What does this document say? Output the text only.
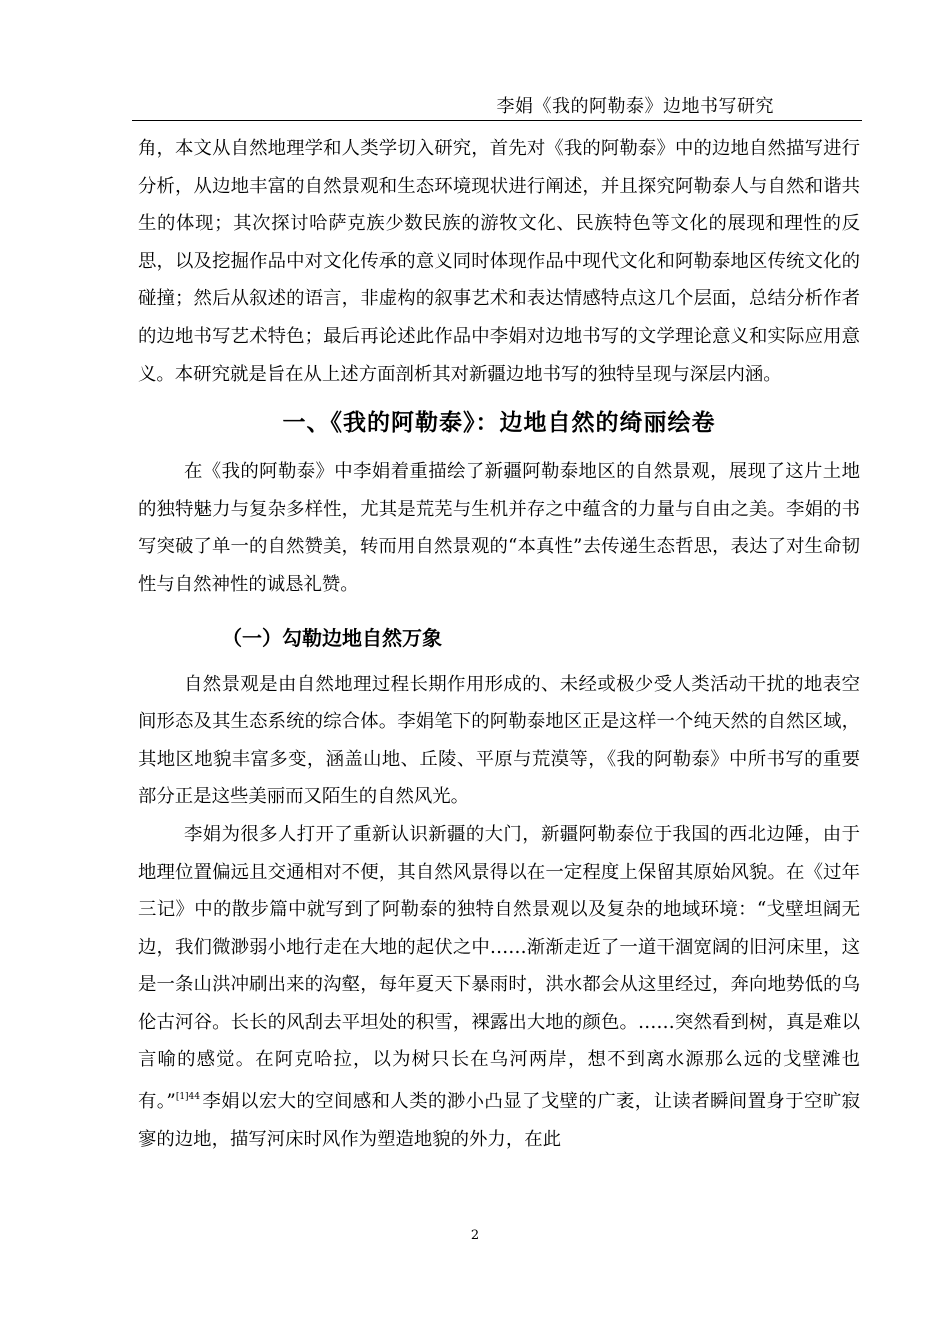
李娟《我的阿勒泰》边地书写研究

角，本文从自然地理学和人类学切入研究，首先对《我的阿勒泰》中的边地自然描写进行分析，从边地丰富的自然景观和生态环境现状进行阐述，并且探究阿勒泰人与自然和谐共生的体现；其次探讨哈萨克族少数民族的游牧文化、民族特色等文化的展现和理性的反思，以及挖掘作品中对文化传承的意义同时体现作品中现代文化和阿勒泰地区传统文化的碰撞；然后从叙述的语言，非虚构的叙事艺术和表达情感特点这几个层面，总结分析作者的边地书写艺术特色；最后再论述此作品中李娟对边地书写的文学理论意义和实际应用意义。本研究就是旨在从上述方面剖析其对新疆边地书写的独特呈现与深层内涵。

一、《我的阿勒泰》：边地自然的绮丽绘卷

在《我的阿勒泰》中李娟着重描绘了新疆阿勒泰地区的自然景观，展现了这片土地的独特魅力与复杂多样性，尤其是荒芜与生机并存之中蕴含的力量与自由之美。李娟的书写突破了单一的自然赞美，转而用自然景观的“本真性”去传递生态哲思，表达了对生命韧性与自然神性的诚恳礼赞。

（一）勾勒边地自然万象

自然景观是由自然地理过程长期作用形成的、未经或极少受人类活动干扰的地表空间形态及其生态系统的综合体。李娟笔下的阿勒泰地区正是这样一个纯天然的自然区域，其地区地貌丰富多变，涵盖山地、丘陵、平原与荒漠等，《我的阿勒泰》中所书写的重要部分正是这些美丽而又陌生的自然风光。

李娟为很多人打开了重新认识新疆的大门，新疆阿勒泰位于我国的西北边陲，由于地理位置偏远且交通相对不便，其自然风景得以在一定程度上保留其原始风貌。在《过年三记》中的散步篇中就写到了阿勒泰的独特自然景观以及复杂的地域环境：“戈壁坦阔无边，我们微渺弱小地行走在大地的起伏之中……渐渐走近了一道干涸宽阔的旧河床里，这是一条山洪冲刷出来的沟壑，每年夏天下暴雨时，洪水都会从这里经过，奔向地势低的乌伦古河谷。长长的风刮去平坦处的积雪，裸露出大地的颜色。……突然看到树，真是难以言喻的感觉。在阿克哈拉，以为树只长在乌河两岸，想不到离水源那么远的戈壁滩也有。”$^{[1]44}$ 李娟以宏大的空间感和人类的渺小凸显了戈壁的广袤，让读者瞬间置身于空旷寂寥的边地，描写河床时风作为塑造地貌的外力，在此

2
